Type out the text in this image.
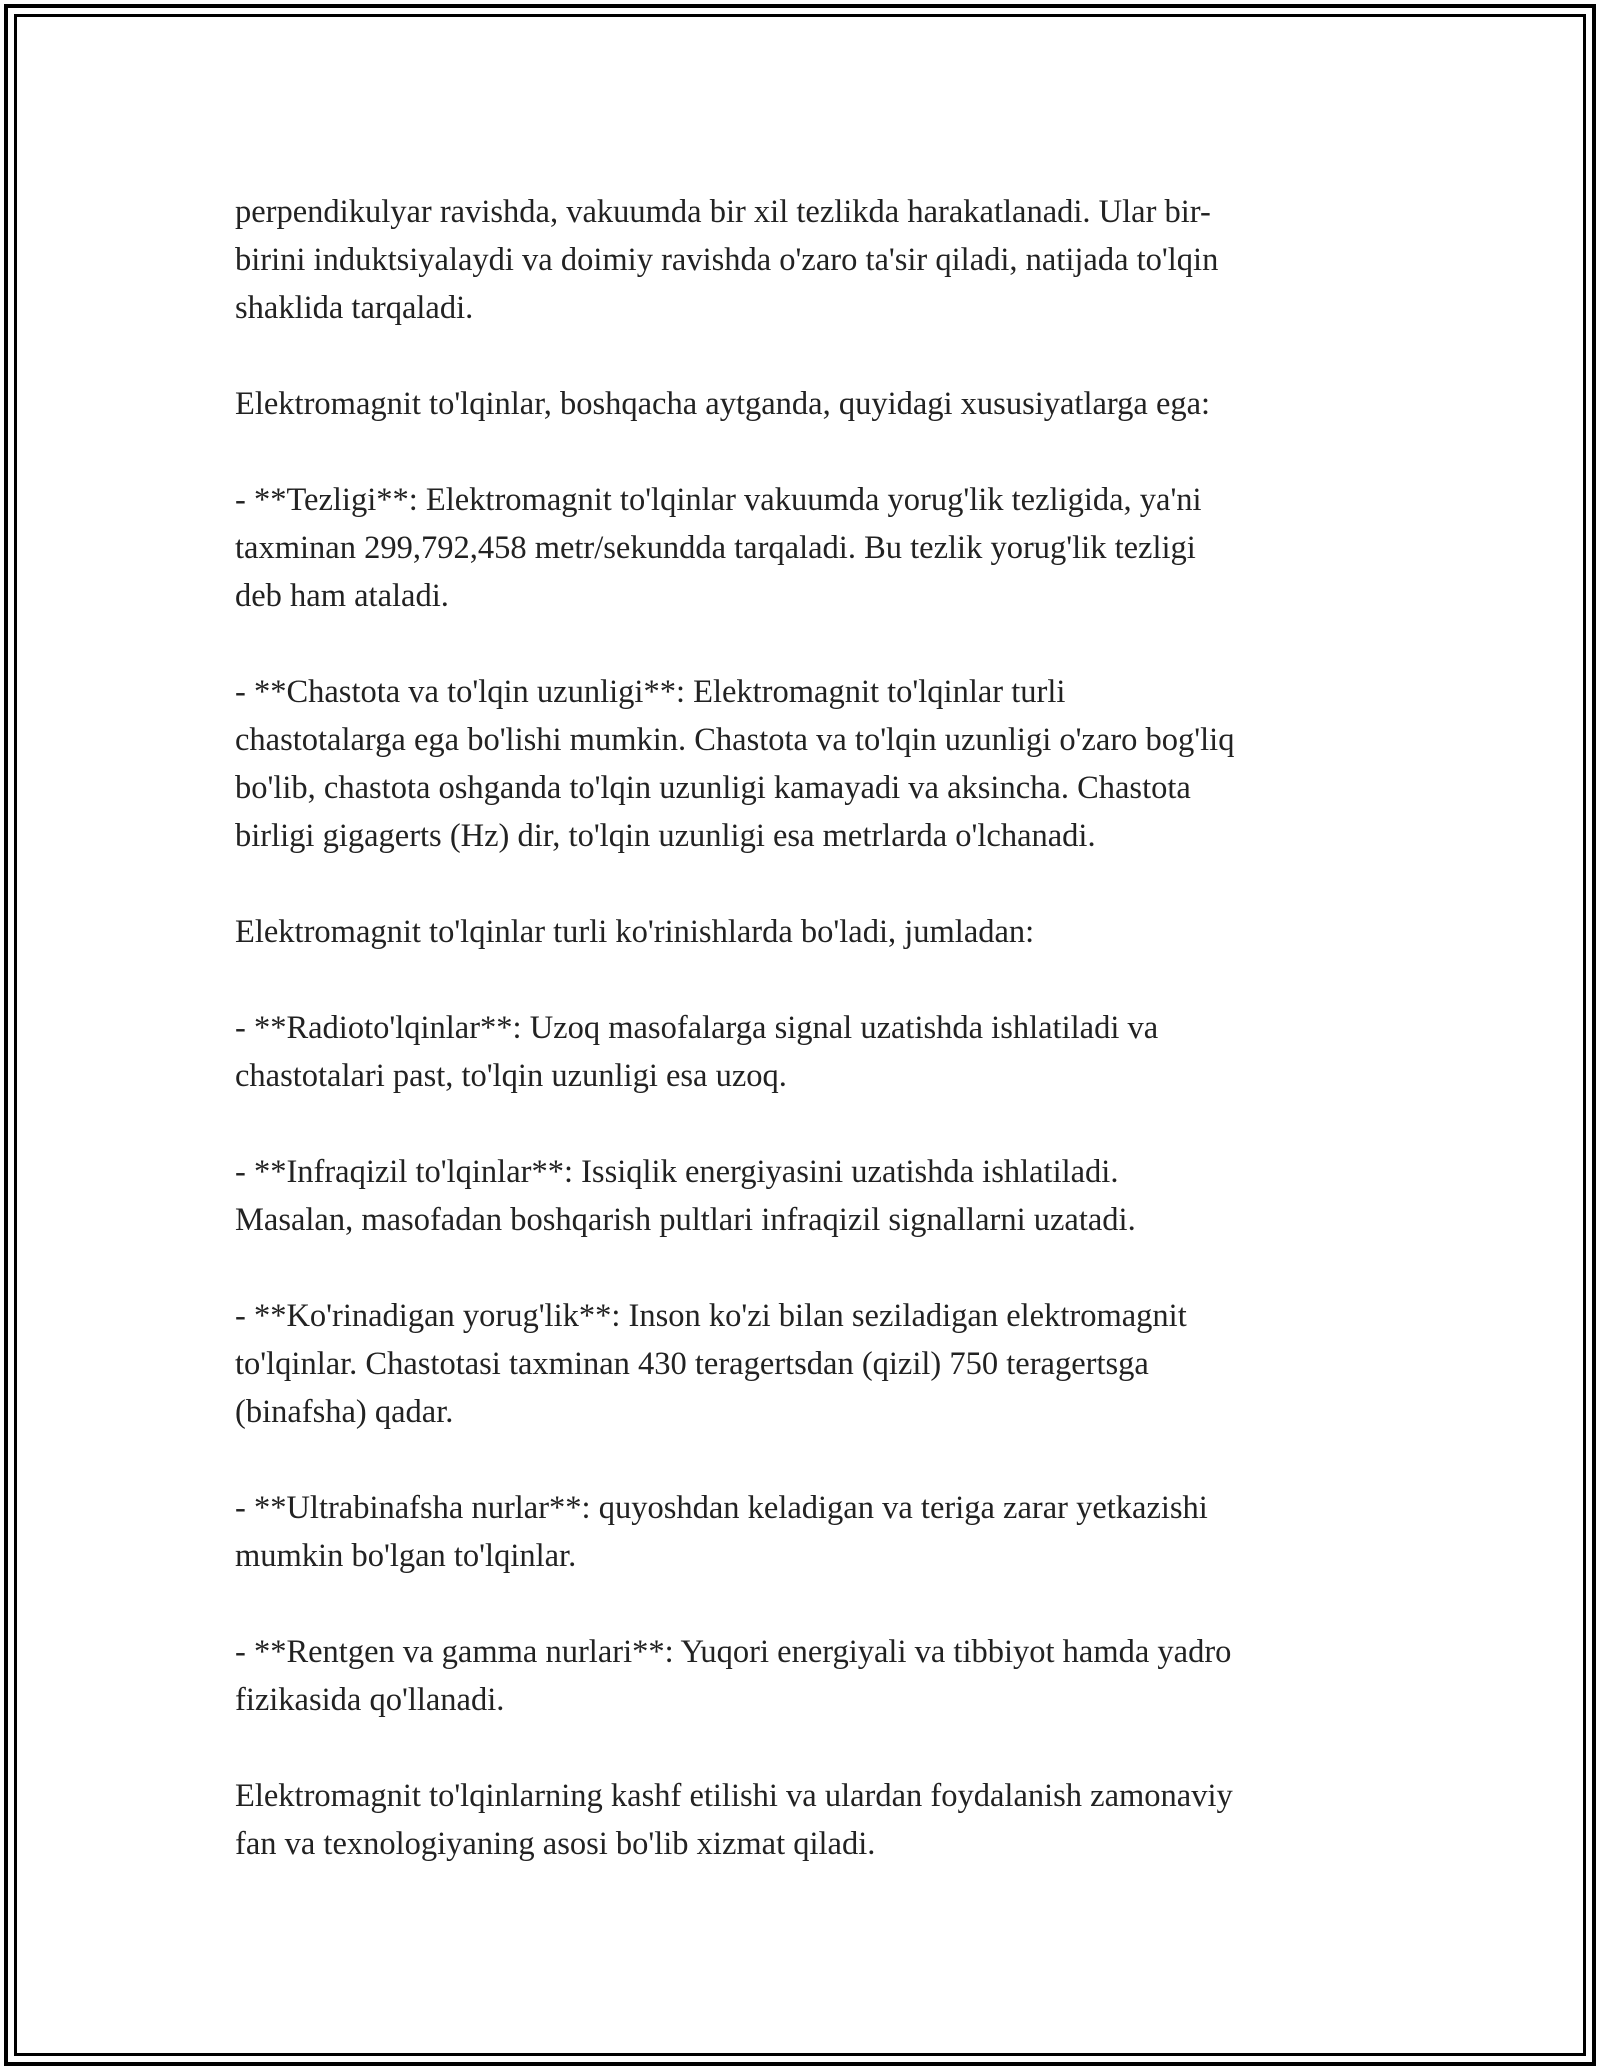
perpendikulyar ravishda, vakuumda bir xil tezlikda harakatlanadi. Ular bir-
birini induktsiyalaydi va doimiy ravishda o'zaro ta'sir qiladi, natijada to'lqin
shaklida tarqaladi.

Elektromagnit to'lqinlar, boshqacha aytganda, quyidagi xususiyatlarga ega:

- **Tezligi**: Elektromagnit to'lqinlar vakuumda yorug'lik tezligida, ya'ni
taxminan 299,792,458 metr/sekundda tarqaladi. Bu tezlik yorug'lik tezligi
deb ham ataladi.

- **Chastota va to'lqin uzunligi**: Elektromagnit to'lqinlar turli
chastotalarga ega bo'lishi mumkin. Chastota va to'lqin uzunligi o'zaro bog'liq
bo'lib, chastota oshganda to'lqin uzunligi kamayadi va aksincha. Chastota
birligi gigagerts (Hz) dir, to'lqin uzunligi esa metrlarda o'lchanadi.

Elektromagnit to'lqinlar turli ko'rinishlarda bo'ladi, jumladan:

- **Radioto'lqinlar**: Uzoq masofalarga signal uzatishda ishlatiladi va
chastotalari past, to'lqin uzunligi esa uzoq.

- **Infraqizil to'lqinlar**: Issiqlik energiyasini uzatishda ishlatiladi.
Masalan, masofadan boshqarish pultlari infraqizil signallarni uzatadi.

- **Ko'rinadigan yorug'lik**: Inson ko'zi bilan seziladigan elektromagnit
to'lqinlar. Chastotasi taxminan 430 teragertsdan (qizil) 750 teragertsga
(binafsha) qadar.

- **Ultrabinafsha nurlar**: quyoshdan keladigan va teriga zarar yetkazishi
mumkin bo'lgan to'lqinlar.

- **Rentgen va gamma nurlari**: Yuqori energiyali va tibbiyot hamda yadro
fizikasida qo'llanadi.

Elektromagnit to'lqinlarning kashf etilishi va ulardan foydalanish zamonaviy
fan va texnologiyaning asosi bo'lib xizmat qiladi.
